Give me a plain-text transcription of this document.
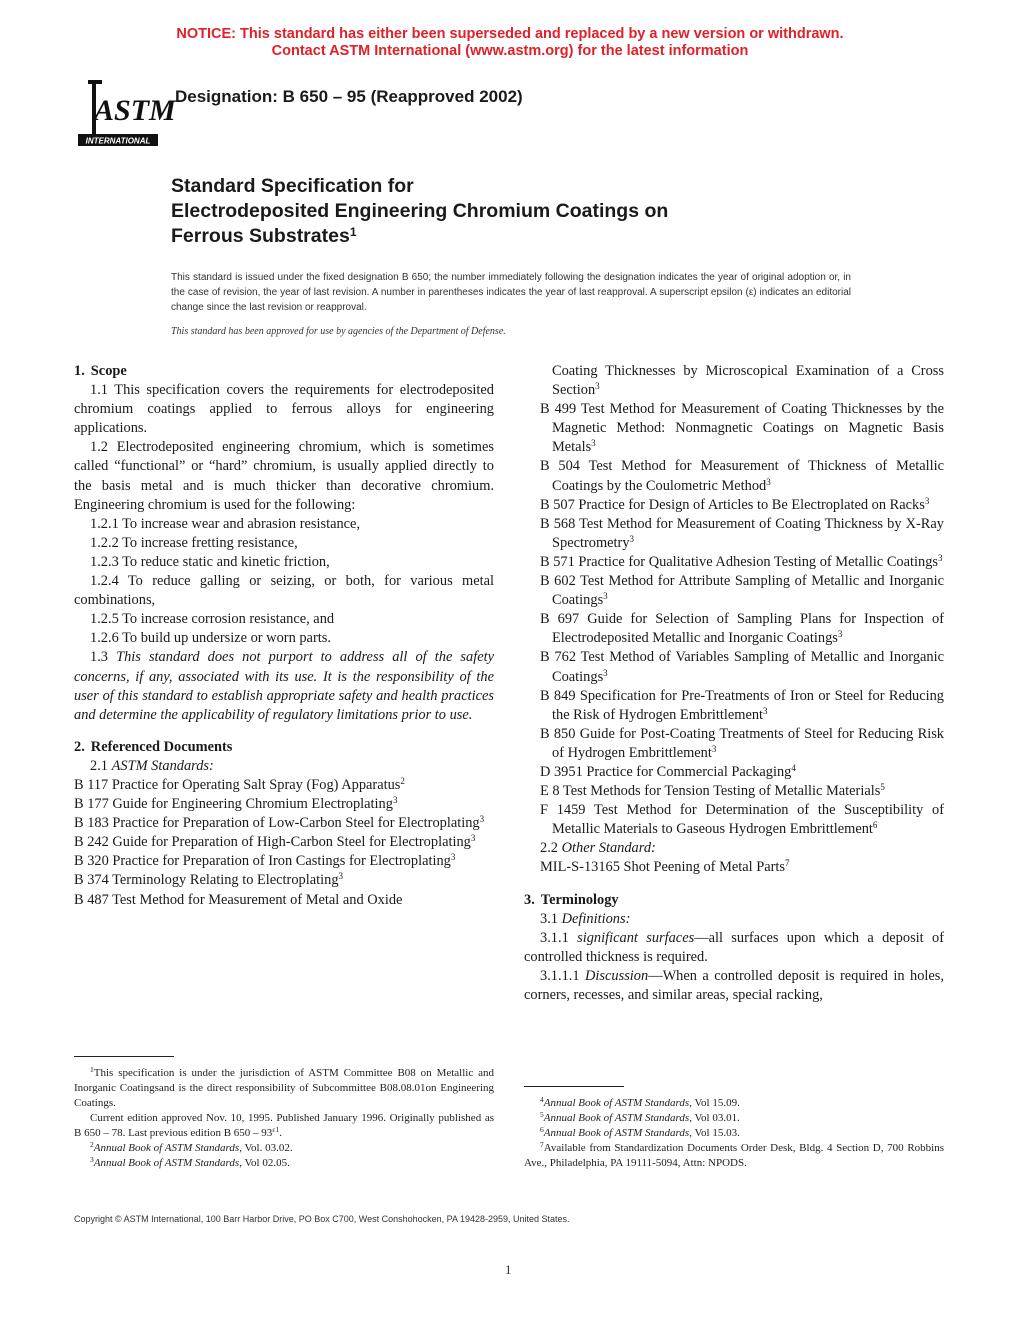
NOTICE: This standard has either been superseded and replaced by a new version or withdrawn.
Contact ASTM International (www.astm.org) for the latest information
ASTM
INTERNATIONAL
Designation: B 650 – 95 (Reapproved 2002)
Standard Specification for
Electrodeposited Engineering Chromium Coatings on
Ferrous Substrates$^1$
This standard is issued under the fixed designation B 650; the number immediately following the designation indicates the year of original adoption or, in the case of revision, the year of last revision. A number in parentheses indicates the year of last reapproval. A superscript epsilon (ε) indicates an editorial change since the last revision or reapproval.
This standard has been approved for use by agencies of the Department of Defense.

1. Scope

1.1 This specification covers the requirements for electrodeposited chromium coatings applied to ferrous alloys for engineering applications.

1.2 Electrodeposited engineering chromium, which is sometimes called “functional” or “hard” chromium, is usually applied directly to the basis metal and is much thicker than decorative chromium. Engineering chromium is used for the following:

1.2.1 To increase wear and abrasion resistance,

1.2.2 To increase fretting resistance,

1.2.3 To reduce static and kinetic friction,

1.2.4 To reduce galling or seizing, or both, for various metal combinations,

1.2.5 To increase corrosion resistance, and

1.2.6 To build up undersize or worn parts.

1.3 This standard does not purport to address all of the safety concerns, if any, associated with its use. It is the responsibility of the user of this standard to establish appropriate safety and health practices and determine the applicability of regulatory limitations prior to use.

2. Referenced Documents

2.1 ASTM Standards:

B 117 Practice for Operating Salt Spray (Fog) Apparatus$^2$

B 177 Guide for Engineering Chromium Electroplating$^3$

B 183 Practice for Preparation of Low-Carbon Steel for Electroplating$^3$

B 242 Guide for Preparation of High-Carbon Steel for Electroplating$^3$

B 320 Practice for Preparation of Iron Castings for Electroplating$^3$

B 374 Terminology Relating to Electroplating$^3$

B 487 Test Method for Measurement of Metal and Oxide

Coating Thicknesses by Microscopical Examination of a Cross Section$^3$

B 499 Test Method for Measurement of Coating Thicknesses by the Magnetic Method: Nonmagnetic Coatings on Magnetic Basis Metals$^3$

B 504 Test Method for Measurement of Thickness of Metallic Coatings by the Coulometric Method$^3$

B 507 Practice for Design of Articles to Be Electroplated on Racks$^3$

B 568 Test Method for Measurement of Coating Thickness by X-Ray Spectrometry$^3$

B 571 Practice for Qualitative Adhesion Testing of Metallic Coatings$^3$

B 602 Test Method for Attribute Sampling of Metallic and Inorganic Coatings$^3$

B 697 Guide for Selection of Sampling Plans for Inspection of Electrodeposited Metallic and Inorganic Coatings$^3$

B 762 Test Method of Variables Sampling of Metallic and Inorganic Coatings$^3$

B 849 Specification for Pre-Treatments of Iron or Steel for Reducing the Risk of Hydrogen Embrittlement$^3$

B 850 Guide for Post-Coating Treatments of Steel for Reducing Risk of Hydrogen Embrittlement$^3$

D 3951 Practice for Commercial Packaging$^4$

E 8 Test Methods for Tension Testing of Metallic Materials$^5$

F 1459 Test Method for Determination of the Susceptibility of Metallic Materials to Gaseous Hydrogen Embrittlement$^6$

2.2 Other Standard:

MIL-S-13165 Shot Peening of Metal Parts$^7$

3. Terminology

3.1 Definitions:

3.1.1 significant surfaces—all surfaces upon which a deposit of controlled thickness is required.

3.1.1.1 Discussion—When a controlled deposit is required in holes, corners, recesses, and similar areas, special racking,

$^1$This specification is under the jurisdiction of ASTM Committee B08 on Metallic and Inorganic Coatingsand is the direct responsibility of Subcommittee B08.08.01on Engineering Coatings.

Current edition approved Nov. 10, 1995. Published January 1996. Originally published as B 650 – 78. Last previous edition B $650 - 93^{\varepsilon 1}$.

$^2$Annual Book of ASTM Standards, Vol. 03.02.

$^3$Annual Book of ASTM Standards, Vol 02.05.

$^4$Annual Book of ASTM Standards, Vol 15.09.

$^5$Annual Book of ASTM Standards, Vol 03.01.

$^6$Annual Book of ASTM Standards, Vol 15.03.

$^7$Available from Standardization Documents Order Desk, Bldg. 4 Section D, 700 Robbins Ave., Philadelphia, PA 19111-5094, Attn: NPODS.

Copyright © ASTM International, 100 Barr Harbor Drive, PO Box C700, West Conshohocken, PA 19428-2959, United States.
1
